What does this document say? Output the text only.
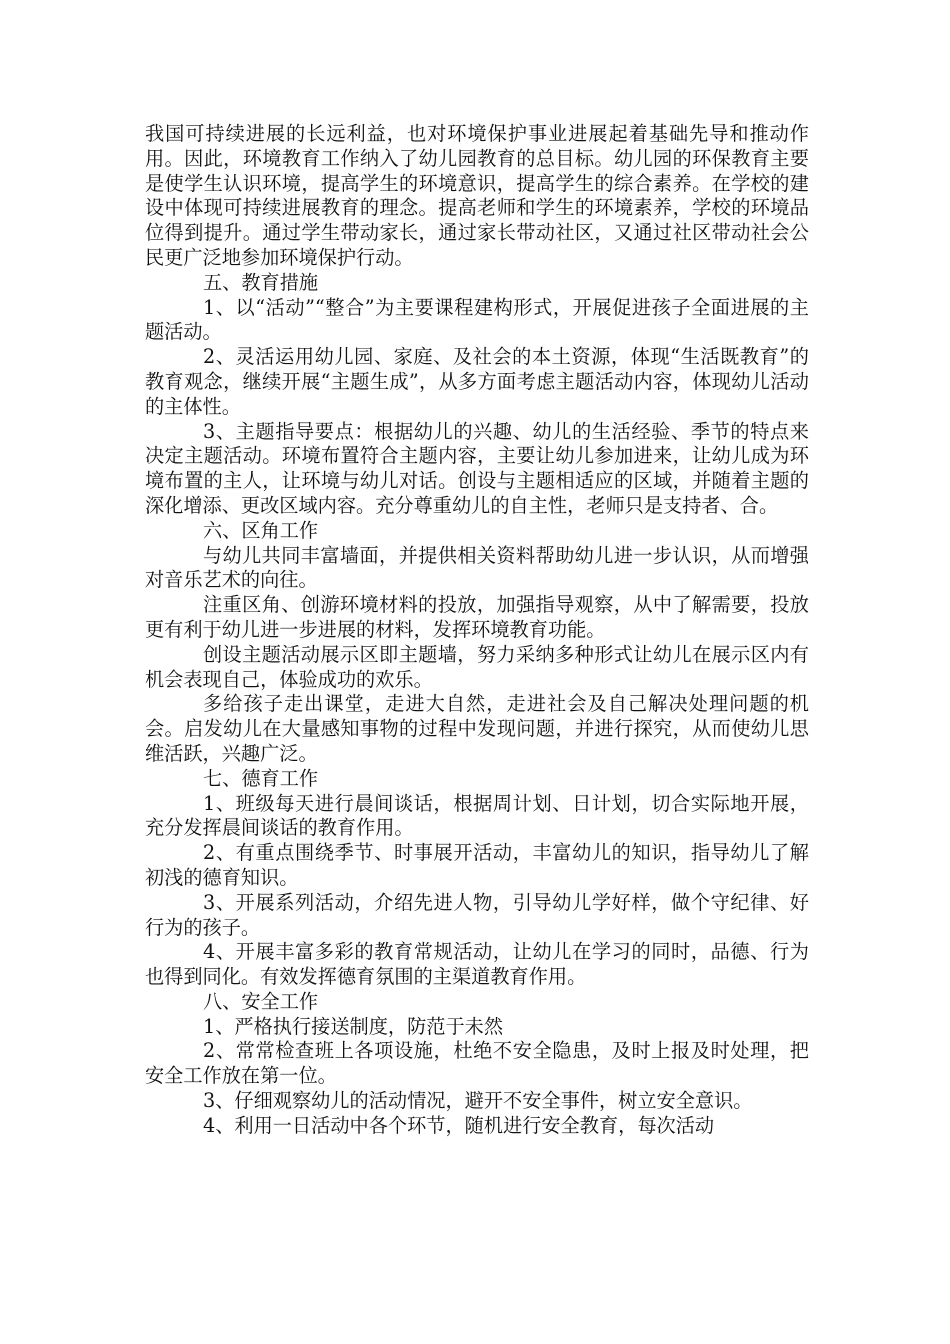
我国可持续进展的长远利益，也对环境保护事业进展起着基础先导和推动作用。因此，环境教育工作纳入了幼儿园教育的总目标。幼儿园的环保教育主要是使学生认识环境，提高学生的环境意识，提高学生的综合素养。在学校的建设中体现可持续进展教育的理念。提高老师和学生的环境素养，学校的环境品位得到提升。通过学生带动家长，通过家长带动社区，又通过社区带动社会公民更广泛地参加环境保护行动。

五、教育措施

1、以“活动”“整合”为主要课程建构形式，开展促进孩子全面进展的主题活动。

2、灵活运用幼儿园、家庭、及社会的本土资源，体现“生活既教育”的教育观念，继续开展“主题生成”，从多方面考虑主题活动内容，体现幼儿活动的主体性。

3、主题指导要点：根据幼儿的兴趣、幼儿的生活经验、季节的特点来决定主题活动。环境布置符合主题内容，主要让幼儿参加进来，让幼儿成为环境布置的主人，让环境与幼儿对话。创设与主题相适应的区域，并随着主题的深化增添、更改区域内容。充分尊重幼儿的自主性，老师只是支持者、合。

六、区角工作

与幼儿共同丰富墙面，并提供相关资料帮助幼儿进一步认识，从而增强对音乐艺术的向往。

注重区角、创游环境材料的投放，加强指导观察，从中了解需要，投放更有利于幼儿进一步进展的材料，发挥环境教育功能。

创设主题活动展示区即主题墙，努力采纳多种形式让幼儿在展示区内有机会表现自己，体验成功的欢乐。

多给孩子走出课堂，走进大自然，走进社会及自己解决处理问题的机会。启发幼儿在大量感知事物的过程中发现问题，并进行探究，从而使幼儿思维活跃，兴趣广泛。

七、德育工作

1、班级每天进行晨间谈话，根据周计划、日计划，切合实际地开展，充分发挥晨间谈话的教育作用。

2、有重点围绕季节、时事展开活动，丰富幼儿的知识，指导幼儿了解初浅的德育知识。

3、开展系列活动，介绍先进人物，引导幼儿学好样，做个守纪律、好行为的孩子。

4、开展丰富多彩的教育常规活动，让幼儿在学习的同时，品德、行为也得到同化。有效发挥德育氛围的主渠道教育作用。

八、安全工作

1、严格执行接送制度，防范于未然

2、常常检查班上各项设施，杜绝不安全隐患，及时上报及时处理，把安全工作放在第一位。

3、仔细观察幼儿的活动情况，避开不安全事件，树立安全意识。

4、利用一日活动中各个环节，随机进行安全教育，每次活动
